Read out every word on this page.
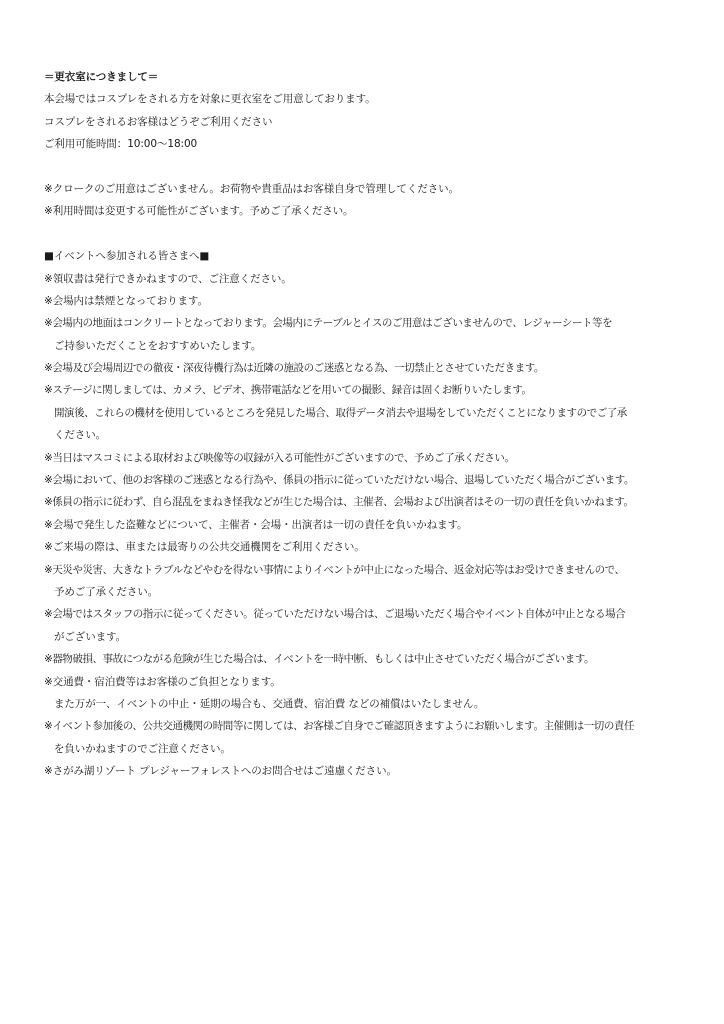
＝更衣室につきまして＝
本会場ではコスプレをされる方を対象に更衣室をご用意しております。
コスプレをされるお客様はどうぞご利用ください
ご利用可能時間：10:00～18:00
※クロークのご用意はございません。お荷物や貴重品はお客様自身で管理してください。
※利用時間は変更する可能性がございます。予めご了承ください。
■イベントへ参加される皆さまへ■
※領収書は発行できかねますので、ご注意ください。
※会場内は禁煙となっております。
※会場内の地面はコンクリートとなっております。会場内にテーブルとイスのご用意はございませんので、レジャーシート等を
ご持参いただくことをおすすめいたします。
※会場及び会場周辺での徹夜・深夜待機行為は近隣の施設のご迷惑となる為、一切禁止とさせていただきます。
※ステージに関しましては、カメラ、ビデオ、携帯電話などを用いての撮影、録音は固くお断りいたします。
開演後、これらの機材を使用しているところを発見した場合、取得データ消去や退場をしていただくことになりますのでご了承
ください。
※当日はマスコミによる取材および映像等の収録が入る可能性がございますので、予めご了承ください。
※会場において、他のお客様のご迷惑となる行為や、係員の指示に従っていただけない場合、退場していただく場合がございます。
※係員の指示に従わず、自ら混乱をまねき怪我などが生じた場合は、主催者、会場および出演者はその一切の責任を負いかねます。
※会場で発生した盗難などについて、主催者・会場・出演者は一切の責任を負いかねます。
※ご来場の際は、車または最寄りの公共交通機関をご利用ください。
※天災や災害、大きなトラブルなどやむを得ない事情によりイベントが中止になった場合、返金対応等はお受けできませんので、
予めご了承ください。
※会場ではスタッフの指示に従ってください。従っていただけない場合は、ご退場いただく場合やイベント自体が中止となる場合
がございます。
※器物破損、事故につながる危険が生じた場合は、イベントを一時中断、もしくは中止させていただく場合がございます。
※交通費・宿泊費等はお客様のご負担となります。
また万が一、イベントの中止・延期の場合も、交通費、宿泊費 などの補償はいたしません。
※イベント参加後の、公共交通機関の時間等に関しては、お客様ご自身でご確認頂きますようにお願いします。主催側は一切の責任
を負いかねますのでご注意ください。
※さがみ湖リゾート プレジャーフォレストへのお問合せはご遠慮ください。
